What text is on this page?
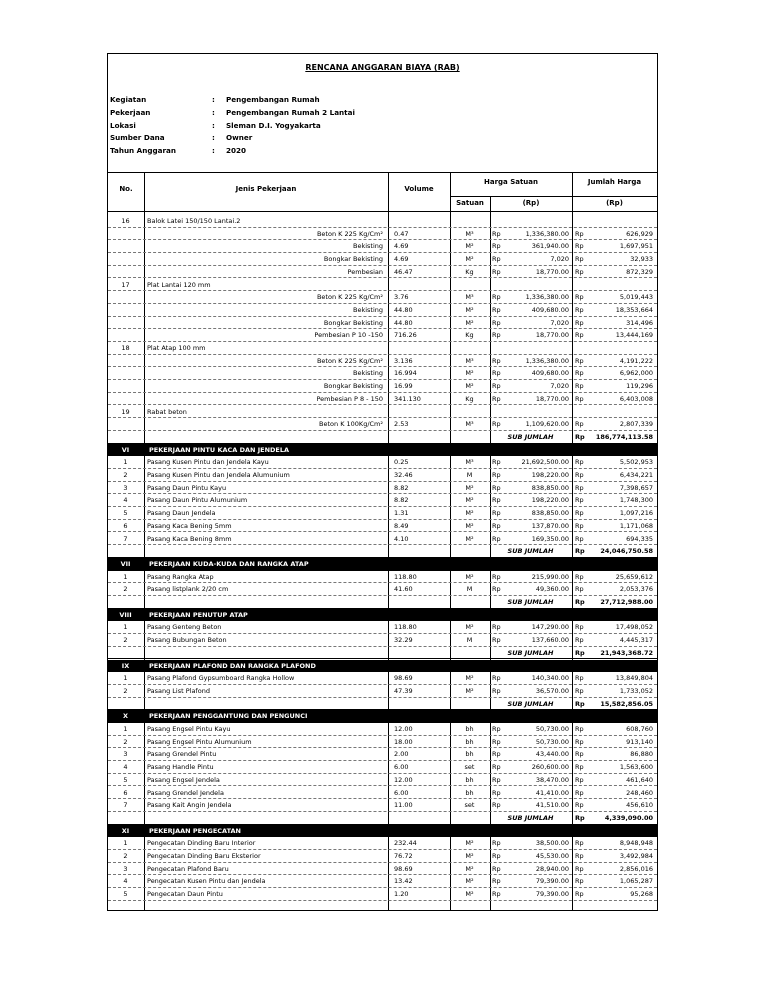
RENCANA ANGGARAN BIAYA (RAB)
Kegiatan	: Pengembangan Rumah
Pekerjaan	: Pengembangan Rumah 2 Lantai
Lokasi	: Sleman D.I. Yogyakarta
Sumber Dana	: Owner
Tahun Anggaran	: 2020
No.	Jenis Pekerjaan	Volume
Harga Satuan	Jumlah Harga
Satuan	(Rp)	(Rp)
16	Balok Latei 150/150 Lantai.2
Beton K 225 Kg/Cm²	0.47	M³	Rp	1,336,380.00 Rp	626,929
Bekisting	4.69	M²	Rp	361,940.00 Rp	1,697,951
Bongkar Bekisting	4.69	M²	Rp	7,020 Rp	32,933
Pembesian	46.47	Kg	Rp	18,770.00 Rp	872,329
17	Plat Lantai 120 mm
Beton K 225 Kg/Cm²	3.76	M³	Rp	1,336,380.00 Rp	5,019,443
Bekisting	44.80	M²	Rp	409,680.00 Rp	18,353,664
Bongkar Bekisting	44.80	M²	Rp	7,020 Rp	314,496
Pembesian P 10 -150	716.26	Kg	Rp	18,770.00 Rp	13,444,169
18	Plat Atap 100 mm
Beton K 225 Kg/Cm²	3.136	M³	Rp	1,336,380.00 Rp	4,191,222
Bekisting	16.994	M²	Rp	409,680.00 Rp	6,962,000
Bongkar Bekisting	16.99	M²	Rp	7,020 Rp	119,296
Pembesian P 8 - 150	341.130	Kg	Rp	18,770.00 Rp	6,403,008
19	Rabat beton
Beton K 100Kg/Cm²	2.53	M³	Rp	1,109,620.00 Rp	2,807,339
SUB JUMLAH	Rp	186,774,113.58
VI	PEKERJAAN PINTU KACA DAN JENDELA
1	Pasang Kusen Pintu dan Jendela Kayu	0.25	M³	Rp	21,692,500.00 Rp	5,502,953
2	Pasang Kusen Pintu dan Jendela Alumunium	32.46	M	Rp	198,220.00 Rp	6,434,221
3	Pasang Daun Pintu Kayu	8.82	M²	Rp	838,850.00 Rp	7,398,657
4	Pasang Daun Pintu Alumunium	8.82	M²	Rp	198,220.00 Rp	1,748,300
5	Pasang Daun Jendela	1.31	M²	Rp	838,850.00 Rp	1,097,216
6	Pasang Kaca Bening 5mm	8.49	M²	Rp	137,870.00 Rp	1,171,068
7	Pasang Kaca Bening 8mm	4.10	M²	Rp	169,350.00 Rp	694,335
SUB JUMLAH	Rp	24,046,750.58
VII	PEKERJAAN KUDA-KUDA DAN RANGKA ATAP
1	Pasang Rangka Atap	118.80	M²	Rp	215,990.00 Rp	25,659,612
2	Pasang listplank 2/20 cm	41.60	M	Rp	49,360.00 Rp	2,053,376
SUB JUMLAH	Rp	27,712,988.00
VIII	PEKERJAAN PENUTUP ATAP
1	Pasang Genteng Beton	118.80	M²	Rp	147,290.00 Rp	17,498,052
2	Pasang Bubungan Beton	32.29	M	Rp	137,660.00 Rp	4,445,317
SUB JUMLAH	Rp	21,943,368.72
IX	PEKERJAAN PLAFOND DAN RANGKA PLAFOND
1	Pasang Plafond Gypsumboard Rangka Hollow	98.69	M²	Rp	140,340.00 Rp	13,849,804
2	Pasang List Plafond	47.39	M²	Rp	36,570.00 Rp	1,733,052
SUB JUMLAH	Rp	15,582,856.05
X	PEKERJAAN PENGGANTUNG DAN PENGUNCI
1	Pasang Engsel Pintu Kayu	12.00	bh	Rp	50,730.00 Rp	608,760
2	Pasang Engsel Pintu Alumunium	18.00	bh	Rp	50,730.00 Rp	913,140
3	Pasang Grendel Pintu	2.00	bh	Rp	43,440.00 Rp	86,880
4	Pasang Handle Pintu	6.00	set	Rp	260,600.00 Rp	1,563,600
5	Pasang Engsel Jendela	12.00	bh	Rp	38,470.00 Rp	461,640
6	Pasang Grendel Jendela	6.00	bh	Rp	41,410.00 Rp	248,460
7	Pasang Kait Angin Jendela	11.00	set	Rp	41,510.00 Rp	456,610
SUB JUMLAH	Rp	4,339,090.00
XI	PEKERJAAN PENGECATAN
1	Pengecatan Dinding Baru Interior	232.44	M²	Rp	38,500.00 Rp	8,948,948
2	Pengecatan Dinding Baru Eksterior	76.72	M²	Rp	45,530.00 Rp	3,492,984
3	Pengecatan Plafond Baru	98.69	M²	Rp	28,940.00 Rp	2,856,016
4	Pengecatan Kusen Pintu dan Jendela	13.42	M²	Rp	79,390.00 Rp	1,065,287
5	Pengecatan Daun Pintu	1.20	M²	Rp	79,390.00 Rp	95,268
